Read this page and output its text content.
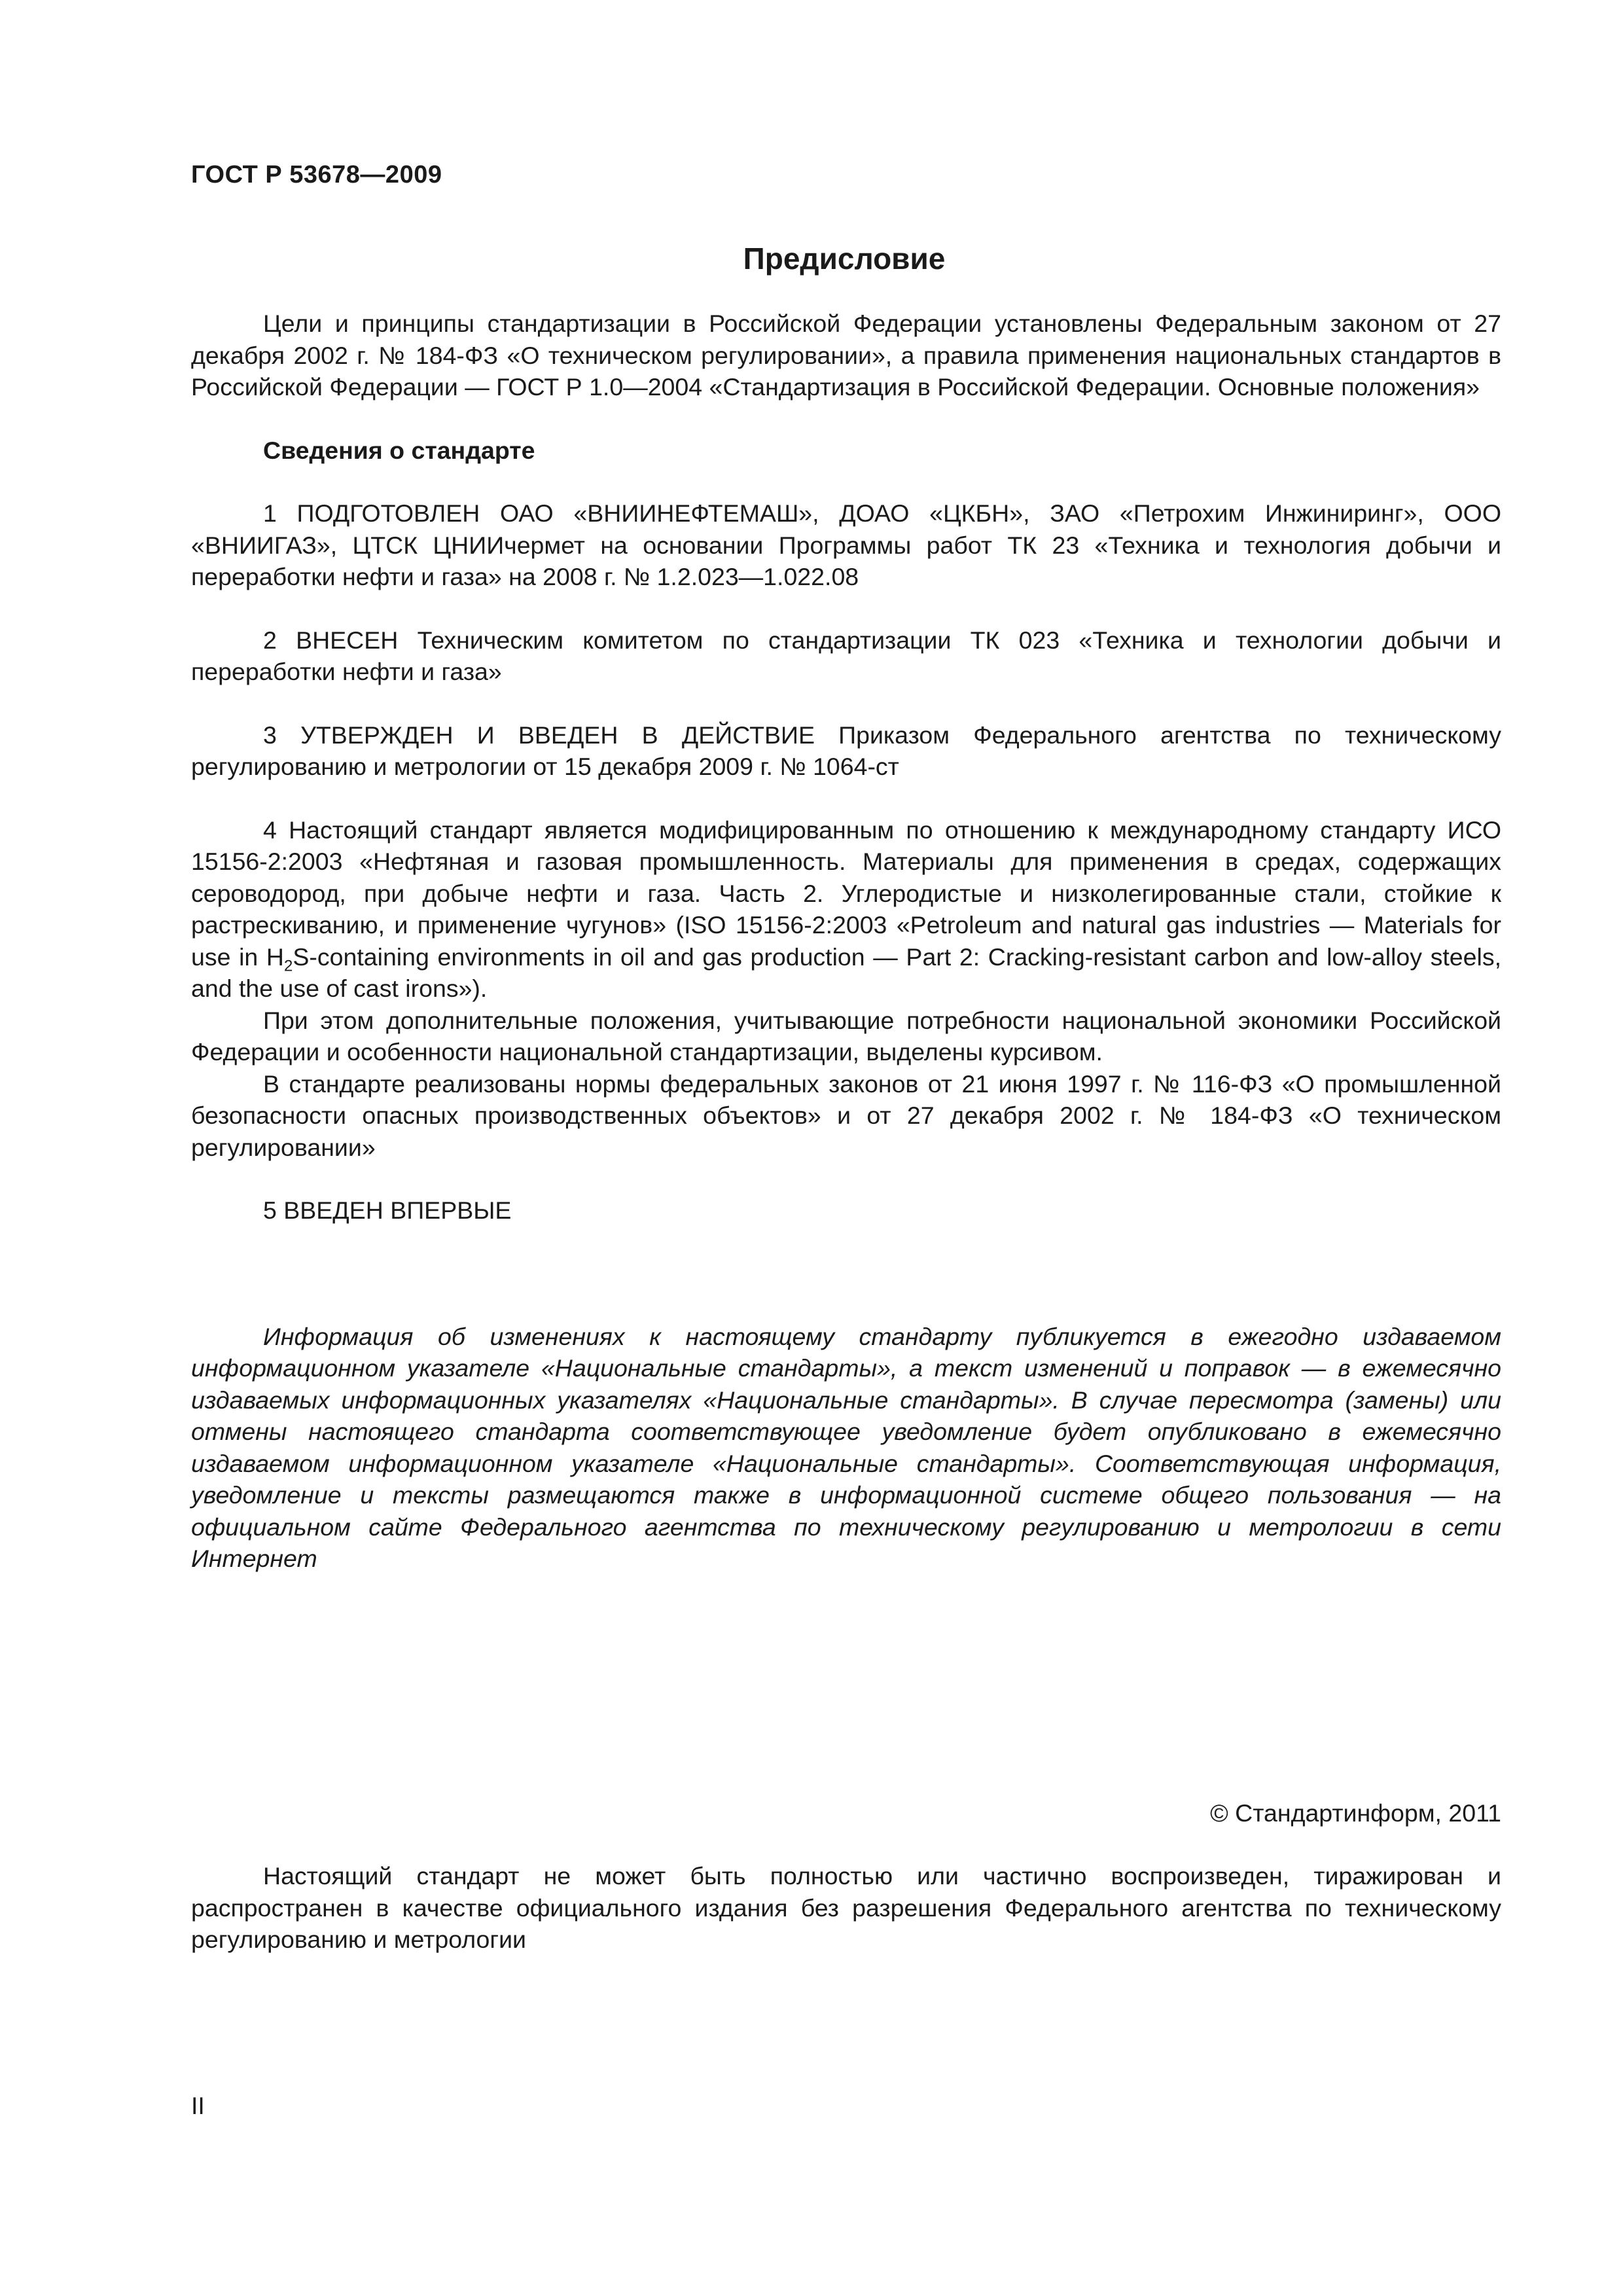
ГОСТ Р 53678—2009
Предисловие

Цели и принципы стандартизации в Российской Федерации установлены Федеральным законом от 27 декабря 2002 г. № 184-ФЗ «О техническом регулировании», а правила применения национальных стандартов в Российской Федерации — ГОСТ Р 1.0—2004 «Стандартизация в Российской Федерации. Основные положения»

Сведения о стандарте

1 ПОДГОТОВЛЕН ОАО «ВНИИНЕФТЕМАШ», ДОАО «ЦКБН», ЗАО «Петрохим Инжиниринг», ООО «ВНИИГАЗ», ЦТСК ЦНИИчермет на основании Программы работ ТК 23 «Техника и технология добычи и переработки нефти и газа» на 2008 г. № 1.2.023—1.022.08

2 ВНЕСЕН Техническим комитетом по стандартизации ТК 023 «Техника и технологии добычи и переработки нефти и газа»

3 УТВЕРЖДЕН И ВВЕДЕН В ДЕЙСТВИЕ Приказом Федерального агентства по техническому регулированию и метрологии от 15 декабря 2009 г. № 1064-ст

4 Настоящий стандарт является модифицированным по отношению к международному стандарту ИСО 15156-2:2003 «Нефтяная и газовая промышленность. Материалы для применения в средах, содержащих сероводород, при добыче нефти и газа. Часть 2. Углеродистые и низколегированные стали, стойкие к растрескиванию, и применение чугунов» (ISO 15156-2:2003 «Petroleum and natural gas industries — Materials for use in $H_2S$-containing environments in oil and gas production — Part 2: Cracking-resistant carbon and low-alloy steels, and the use of cast irons»).

При этом дополнительные положения, учитывающие потребности национальной экономики Российской Федерации и особенности национальной стандартизации, выделены курсивом.

В стандарте реализованы нормы федеральных законов от 21 июня 1997 г. № 116-ФЗ «О промышленной безопасности опасных производственных объектов» и от 27 декабря 2002 г. № 184-ФЗ «О техническом регулировании»

5 ВВЕДЕН ВПЕРВЫЕ

Информация об изменениях к настоящему стандарту публикуется в ежегодно издаваемом информационном указателе «Национальные стандарты», а текст изменений и поправок — в ежемесячно издаваемых информационных указателях «Национальные стандарты». В случае пересмотра (замены) или отмены настоящего стандарта соответствующее уведомление будет опубликовано в ежемесячно издаваемом информационном указателе «Национальные стандарты». Соответствующая информация, уведомление и тексты размещаются также в информационной системе общего пользования — на официальном сайте Федерального агентства по техническому регулированию и метрологии в сети Интернет

© Стандартинформ, 2011

Настоящий стандарт не может быть полностью или частично воспроизведен, тиражирован и распространен в качестве официального издания без разрешения Федерального агентства по техническому регулированию и метрологии

II
